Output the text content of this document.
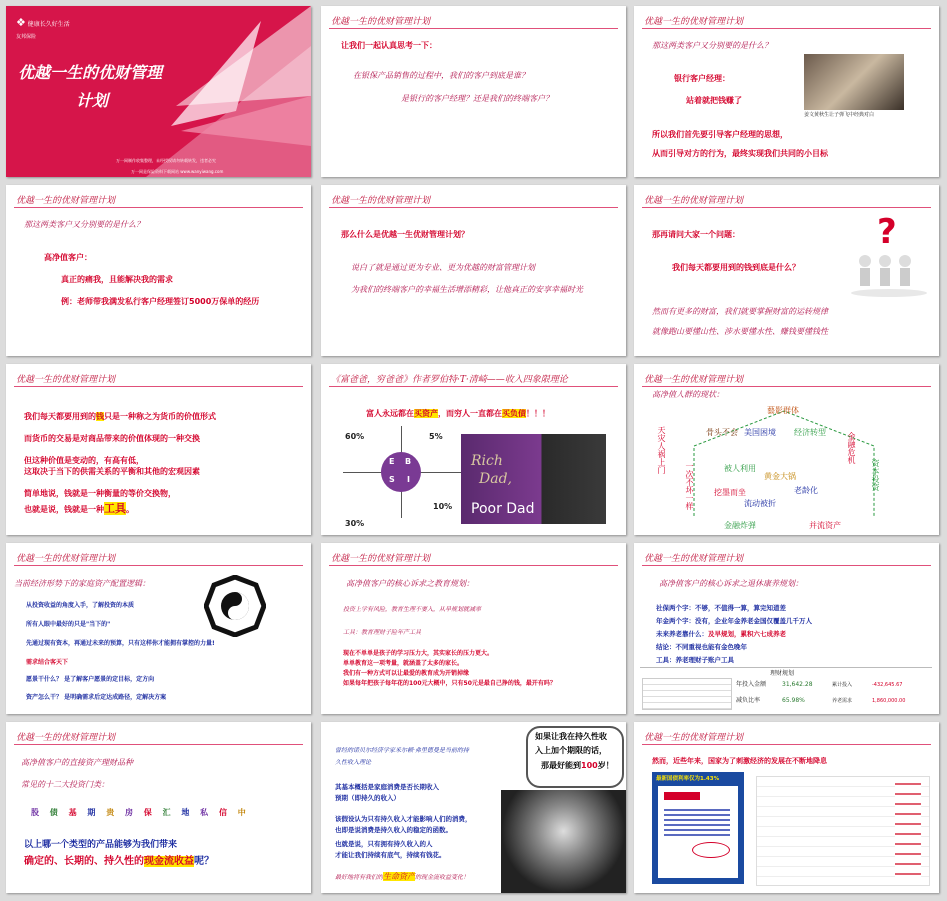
❖ 健康长久好生活
友邦保险
优越一生的优财管理
计划
万一网制作收集整理，未经授权请勿转载转发，违者必究
万一网是保险资料下载网站 www.wanyiwang.com
优越一生的优财管理计划
让我们一起认真思考一下：
在银保产品销售的过程中，我们的客户到底是谁？
是银行的客户经理？还是我们的终端客户？
优越一生的优财管理计划
那这两类客户又分别要的是什么？
银行客户经理：
站着就把钱赚了
姜文黄秋生让子弹飞中经典对白
所以我们首先要引导客户经理的思想，
从而引导对方的行为，最终实现我们共同的小目标
优越一生的优财管理计划
那这两类客户又分别要的是什么？
高净值客户：
真正的痛我，且能解决我的需求
例：老师带我满发私行客户经理签订5000万保单的经历
优越一生的优财管理计划
那么什么是优越一生优财管理计划？
说白了就是通过更为专业、更为优越的财富管理计划
为我们的终端客户的幸福生活增添精彩，让他真正的安享幸福时光
优越一生的优财管理计划
那再请问大家一个问题：
我们每天都要用到的钱到底是什么？
?
然而有更多的财富，我们就要掌握财富的运转规律
就像跑山要懂山性、涉水要懂水性、赚钱要懂钱性
优越一生的优财管理计划
我们每天都要用到的钱只是一种称之为货币的价值形式
而货币的交易是对商品带来的价值体现的一种交换
但这种价值是变动的，有高有低，
这取决于当下的供需关系的平衡和其他的宏观因素
简单地说，钱就是一种衡量的等价交换物，
也就是说，钱就是一种工具。
《富爸爸，穷爸爸》作者罗伯特·T·清崎——收入四象限理论
富人永远都在买资产，而穷人一直都在买负债！！！
60%	5%
10%
30%
E B
S I
Rich
Dad,
Poor Dad
优越一生的优财管理计划
高净值人群的现状：
藝影群体
美国困境 经济转型
骨头不会
被人利用
黄金大锅
老龄化
挖墨而坐
流动被折
天灾人祸上门
一次不坏一样
金融危机
资本投资
金融炸弹	并流资产
优越一生的优财管理计划
当前经济形势下的家庭资产配置逻辑：
从投资收益的角度入手，了解投资的本质
所有人眼中最好的只是"当下的"
先通过现有资本，再通过未来的预算，只有这样你才能拥有掌控的力量!
需求结合客天下
愿景干什么？ 是了解客户愿景的定目标，定方向
资产怎么干？ 是明确需求后定达成路径，定解决方案
优越一生的优财管理计划
高净值客户的核心诉求之教育规划：
投资上学有风险，教育生理不要入，从早规划就减率
工具：教育理财子险年产工具
现在不单单是孩子的学习压力大，其实家长的压力更大。
单单教育这一项考量，就涵盖了太多的家长。
我们有一种方式可以让最爱的教育成为开销掉缘
如果每年把孩子每年花的100元大概中，只有50元是最自己挣的钱，最开有吗？
优越一生的优财管理计划
高净值客户的核心诉求之退休康养规划：
社保两个字：不够，不值得一算，算完知道差
年金两个字：没有，企业年金养老金国仅覆盖几千万人
未来养老靠什么：及早规划，累积六七成养老
结论：不同重视也能有金色晚年
工具：养老理财子账户工具
理财规划
年投入金额	31,642.28	累计投入	-432,645.67
减负比率	65.98%	养老需求	1,860,000.00
优越一生的优财管理计划
高净值客户的直接资产理财品种
常见的十二大投资门类：
股 债 基 期 贵 房 保 汇 地 私 信 中
以上哪一个类型的产品能够为我们带来
确定的、长期的、持久性的现金流收益呢？
曾经的诺贝尔经济学家米尔顿·弗里德曼是当前的持
久性收入理论
如果让我在持久性收
入上加个期限的话，
那最好能到100岁！
其基本概括是家庭消费是否长期收入
预期（即持久的收入）
该假设认为只有持久收入才能影响人们的消费，
也即是说消费是持久收入的稳定的函数。
也就是说，只有拥有持久收入的人
才能让我们持续有底气，持续有钱花。
最好地将有我们的生命资产的现金流收益变化！
优越一生的优财管理计划
然而，近些年来，国家为了刺激经济的发展在不断地降息
最新国债利率仅为1.43%
